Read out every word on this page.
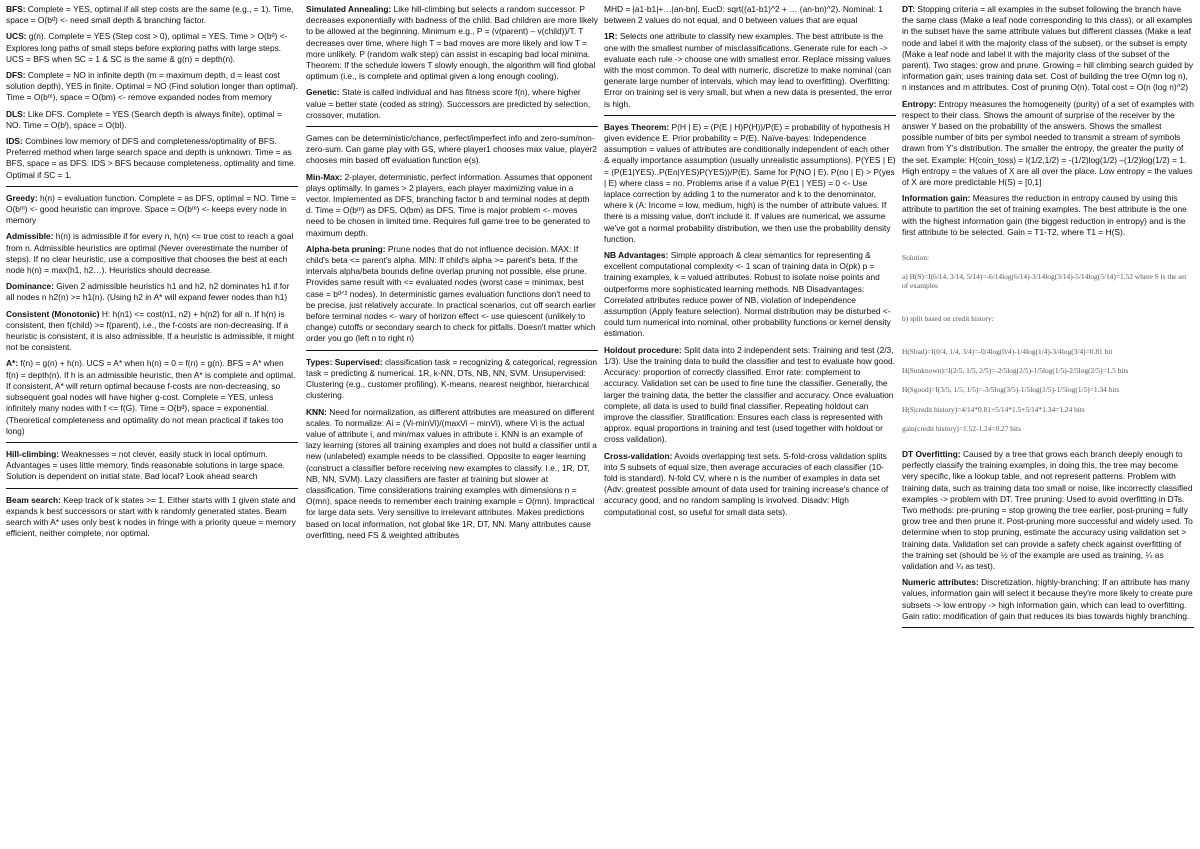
BFS: Complete = YES, optimal if all step costs are the same (e.g., = 1). Time, space = O(bᵈ) <- need small depth & branching factor.
UCS: g(n). Complete = YES (Step cost > 0), optimal = YES. Time > O(bᵈ) <- Explores long paths of small steps before exploring paths with large steps. UCS = BFS when SC = 1 & SC is the same & g(n) = depth(n).
DFS: Complete = NO in infinite depth (m = maximum depth, d = least cost solution depth), YES in finite. Optimal = NO (Find solution longer than optimal). Time = O(bᵐ), space = O(bm) <- remove expanded nodes from memory
DLS: Like DFS. Complete = YES (Search depth is always finite), optimal = NO. Time = O(bˡ), space = O(bl).
IDS: Combines low memory of DFS and completeness/optimality of BFS. Preferred method when large search space and depth is unknown. Time = as BFS, space = as DFS. IDS > BFS because completeness, optimality and time. Optimal if SC = 1.
Greedy: h(n) = evaluation function. Complete = as DFS, optimal = NO. Time = O(bᵐ) <- good heuristic can improve. Space = O(bᵐ) <- keeps every node in memory
Admissible: h(n) is admissible if for every n, h(n) <= true cost to reach a goal from n. Admissible heuristics are optimal (Never overestimate the number of steps). If no clear heuristic, use a compositive that chooses the best at each node h(n) = max(h1, h2…). Heuristics should decrease.
Dominance: Given 2 admissible heuristics h1 and h2, h2 dominates h1 if for all nodes n h2(n) >= h1(n). (Using h2 in A* will expand fewer nodes than h1)
Consistent (Monotonic) H: h(n1) <= cost(n1, n2) + h(n2) for all n. If h(n) is consistent, then f(child) >= f(parent), i.e., the f-costs are non-decreasing. If a heuristic is consistent, it is also admissible. If a heuristic is admissible, it might not be consistent.
A*: f(n) = g(n) + h(n). UCS = A* when h(n) = 0 = f(n) = g(n). BFS = A* when f(n) = depth(n). If h is an admissible heuristic, then A* is complete and optimal. If consistent, A* will return optimal because f-costs are non-decreasing, so subsequent goal nodes will have higher g-cost. Complete = YES, unless infinitely many nodes with f <= f(G). Time = O(bᵈ), space = exponential.(Theoretical completeness and optimality do not mean practical if takes too long)
Hill-climbing: Weaknesses = not clever, easily stuck in local optimum. Advantages = uses little memory, finds reasonable solutions in large space. Solution is dependent on initial state. Bad local? Look ahead search
Beam search: Keep track of k states >= 1. Either starts with 1 given state and expands k best successors or start with k randomly generated states. Beam search with A* uses only best k nodes in fringe with a priority queue = memory efficient, neither complete, nor optimal.
Simulated Annealing: Like hill-climbing but selects a random successor. P decreases exponentially with badness of the child. Bad children are more likely to be allowed at the beginning. Minimum e.g., P = (v(parent) – v(child))/T. T decreases over time, where high T = bad moves are more likely and low T = more unlikely. P (random walk step) can assist in escaping bad local minima. Theorem: If the schedule lowers T slowly enough, the algorithm will find global optimum (i.e., is complete and optimal given a long enough cooling).
Genetic: State is called individual and has fitness score f(n), where higher value = better state (coded as string). Successors are predicted by selection, crossover, mutation.
Games can be deterministic/chance, perfect/imperfect info and zero-sum/non-zero-sum. Can game play with GS, where player1 chooses max value, player2 chooses min based off evaluation function e(s).
Min-Max: 2-player, deterministic, perfect information. Assumes that opponent plays optimally. In games > 2 players, each player maximizing value in a vector. Implemented as DFS, branching factor b and terminal nodes at depth d. Time = O(bᵐ) as DFS, O(bm) as DFS. Time is major problem <- moves need to be chosen in limited time. Requires full game tree to be generated to maximum depth.
Alpha-beta pruning: Prune nodes that do not influence decision. MAX: If child's beta <= parent's alpha. MIN: If child's alpha >= parent's beta. If the intervals alpha/beta bounds define overlap pruning not possible, else prune. Provides same result with <= evaluated nodes (worst case = minimax, best case = bᵈᐟ² nodes). In deterministic games evaluation functions don't need to be precise, just relatively accurate. In practical scenarios, cut off search earlier before terminal nodes <- wary of horizon effect <- use quiescent (unlikely to change) cutoffs or secondary search to check for pitfalls. Doesn't matter which order you go (left n to right n)
Types: Supervised: classification task = recognizing & categorical, regression task = predicting & numerical. 1R, k-NN, DTs, NB, NN, SVM. Unsupervised: Clustering (e.g., customer profiling). K-means, nearest neighbor, hierarchical clustering.
KNN: Need for normalization, as different attributes are measured on different scales. To normalize: Ai = (Vi-minVi)/(maxVi – minVi), where Vi is the actual value of attribute i, and min/max values in attribute i. KNN is an example of lazy learning (stores all training examples and does not build a classifier until a new (unlabeled) example needs to be classified. Opposite to eager learning (construct a classifier before receiving new examples to classify. I.e., 1R, DT, NB, NN, SVM). Lazy classifiers are faster at training but slower at classification. Time considerations training examples with dimensions n = O(mn), space needs to remember each training example = O(mn). Impractical for large data sets. Very sensitive to irrelevant attributes. Makes predictions based on local information, not global like 1R, DT, NN. Many attributes cause overfitting, need FS & weighted attributes
MHD = |a1-b1|+…|an-bn|. EucD: sqrt((a1-b1)^2 + … (an-bn)^2). Nominal: 1 between 2 values do not equal, and 0 between values that are equal
1R: Selects one attribute to classify new examples. The best attribute is the one with the smallest number of misclassifications. Generate rule for each -> evaluate each rule -> choose one with smallest error. Replace missing values with the most common. To deal with numeric, discretize to make nominal (can generate large number of intervals, which may lead to overfitting). Overfitting: Error on training set is very small, but when a new data is presented, the error is high.
Bayes Theorem: P(H | E) = (P(E | H)P(H))/P(E) = probability of hypothesis H given evidence E. Prior probability = P(E). Naïve-bayes: Independence assumption = values of attributes are conditionally independent of each other & equally importance assumption (usually unrealistic assumptions). P(YES | E) = (P(E1|YES)..P(En|YES)P(YES))/P(E). Same for P(NO | E). P(no | E) > P(yes | E) where class = no. Problems arise if a value P(E1 | YES) = 0 <- Use laplace correction by adding 1 to the numerator and k to the denominator, where k (A: Income = low, medium, high) is the number of attribute values. If there is a missing value, don't include it. If values are numerical, we assume we've got a normal probability distribution, we then use the probability density function.
NB Advantages: Simple approach & clear semantics for representing & excellent computational complexity <- 1 scan of training data in O(pk) p = training examples, k = valued attributes. Robust to isolate noise points and outperforms more sophisticated learning methods. NB Disadvantages: Correlated attributes reduce power of NB, violation of independence assumption (Apply feature selection). Normal distribution may be disturbed <- could turn numerical into nominal, other probability functions or kernel density estimation.
Holdout procedure: Split data into 2 independent sets: Training and test (2/3, 1/3). Use the training data to build the classifier and test to evaluate how good. Accuracy: proportion of correctly classified. Error rate: complement to accuracy. Validation set can be used to fine tune the classifier. Generally, the larger the training data, the better the classifier and accuracy. Once evaluation complete, all data is used to build final classifier. Repeating holdout can improve the classifier. Stratification: Ensures each class is represented with approx. equal proportions in training and test (used together with holdout or cross validation).
Cross-validation: Avoids overlapping test sets. S-fold-cross validation splits into S subsets of equal size, then average accuracies of each classifier (10-fold is standard). N-fold CV, where n is the number of examples in data set (Adv: greatest possible amount of data used for training increase's chance of accuracy good, and no random sampling is involved. Disadv: High computational cost, so useful for small data sets).
DT: Stopping criteria = all examples in the subset following the branch have the same class (Make a leaf node corresponding to this class), or all examples in the subset have the same attribute values but different classes (Make a leaf node and label it with the majority class of the subset), or the subset is empty (Make a leaf node and label it with the majority class of the subset of the parent). Two stages: grow and prune. Growing = hill climbing search guided by information gain; uses training data set. Cost of building the tree O(mn log n), n instances and m attributes. Cost of pruning O(n). Total cost = O(n (log n)^2)
Entropy: Entropy measures the homogeneity (purity) of a set of examples with respect to their class. Shows the amount of surprise of the receiver by the answer Y based on the probability of the answers. Shows the smallest possible number of bits per symbol needed to transmit a stream of symbols drawn from Y's distribution. The smaller the entropy, the greater the purity of the set. Example: H(coin_toss) = I(1/2,1/2) = -(1/2)log(1/2) –(1/2)log(1/2) = 1. High entropy = the values of X are all over the place. Low entropy = the values of X are more predictable H(S) = [0,1]
Information gain: Measures the reduction in entropy caused by using this attribute to partition the set of training examples. The best attribute is the one with the highest information gain (the biggest reduction in entropy) and is the first attribute to be selected. Gain = T1-T2, where T1 = H(S).

Solution:

a) H(S)=I(6/14, 3/14, 5/14)=-6/14log(6/14)-3/14log(3/14)-5/14log(5/14)=1.52 where S is the set of examples

b) split based on credit history:

H(Sbad)=I(0/4, 1/4, 3/4)=-0/4log(0/4)-1/4log(1/4)-3/4log(3/4)=0.81 bit

H(Sunknown)=I(2/5, 1/5, 2/5)=-2/5log(2/5)-1/5log(1/5)-2/5log(2/5)=1.5 bits

H(Sgood)=I(3/5, 1/5, 1/5)=-3/5log(3/5)-1/5log(1/5)-1/5log(1/5)=1.34 bits

H(S|credit history)=4/14*0.81+5/14*1.5+5/14*1.34=1.24 bits

gain(credit history)=1.52-1.24=0.27 bits

DT Overfitting: Caused by a tree that grows each branch deeply enough to perfectly classify the training examples, in doing this, the tree may become very specific, like a lookup table, and not represent patterns. Problem with training data, such as training data too small or noise, like incorrectly classified examples -> problem with DT. Tree pruning: Used to avoid overfitting in DTs. Two methods: pre-pruning = stop growing the tree earlier, post-pruning = fully grow tree and then prune it. Post-pruning more successful and widely used. To determine when to stop pruning, estimate the accuracy using validation set > training data. Validation set can provide a safety check against overfitting of the training set (should be ½ of the example are used as training, ¼ as validation and ¼ as test).
Numeric attributes: Discretization. highly-branching: If an attribute has many values, information gain will select it because they're more likely to create pure subsets -> low entropy -> high information gain, which can lead to overfitting. Gain ratio: modification of gain that reduces its bias towards highly branching.
